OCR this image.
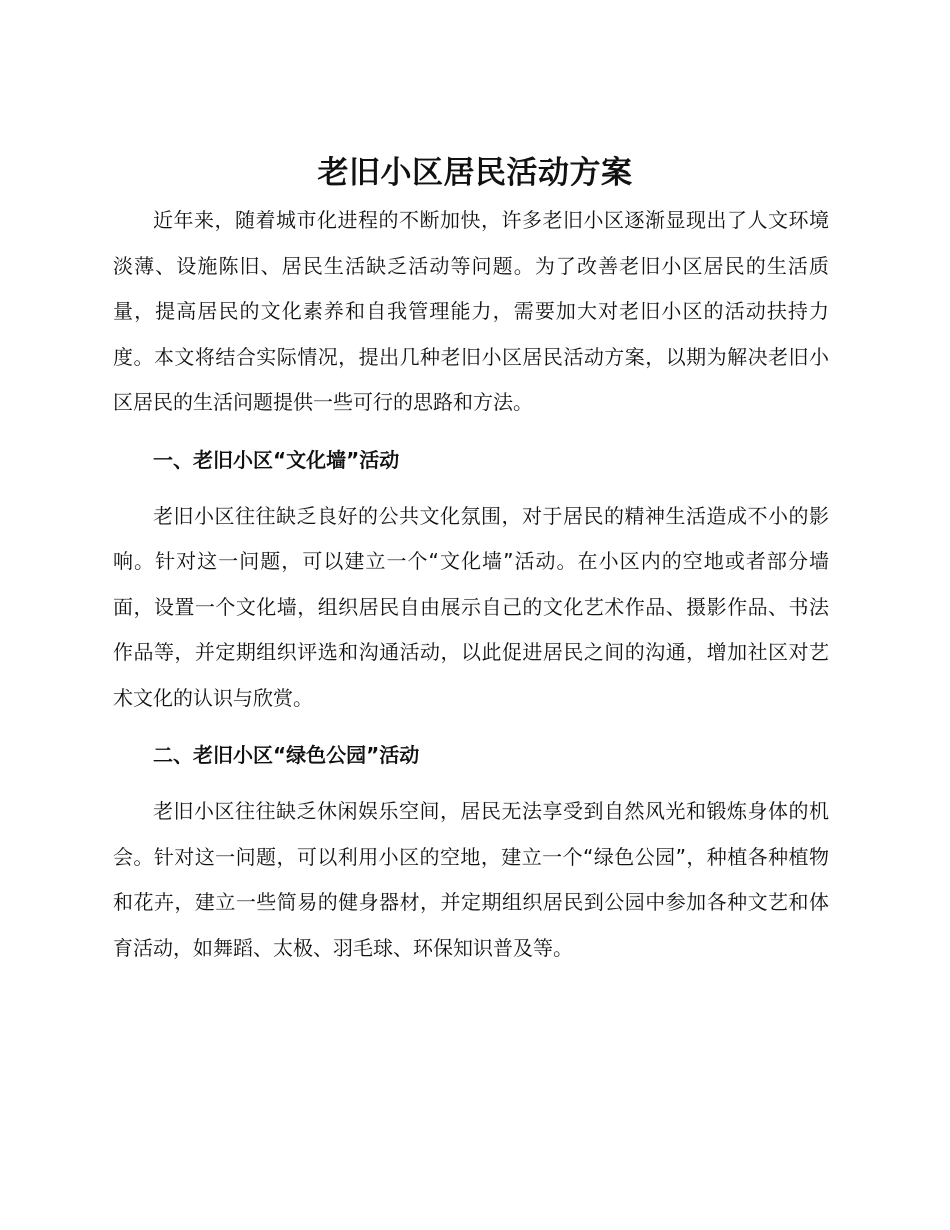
老旧小区居民活动方案

近年来，随着城市化进程的不断加快，许多老旧小区逐渐显现出了人文环境淡薄、设施陈旧、居民生活缺乏活动等问题。为了改善老旧小区居民的生活质量，提高居民的文化素养和自我管理能力，需要加大对老旧小区的活动扶持力度。本文将结合实际情况，提出几种老旧小区居民活动方案，以期为解决老旧小区居民的生活问题提供一些可行的思路和方法。

一、老旧小区“文化墙”活动

老旧小区往往缺乏良好的公共文化氛围，对于居民的精神生活造成不小的影响。针对这一问题，可以建立一个“文化墙”活动。在小区内的空地或者部分墙面，设置一个文化墙，组织居民自由展示自己的文化艺术作品、摄影作品、书法作品等，并定期组织评选和沟通活动，以此促进居民之间的沟通，增加社区对艺术文化的认识与欣赏。

二、老旧小区“绿色公园”活动

老旧小区往往缺乏休闲娱乐空间，居民无法享受到自然风光和锻炼身体的机会。针对这一问题，可以利用小区的空地，建立一个“绿色公园”，种植各种植物和花卉，建立一些简易的健身器材，并定期组织居民到公园中参加各种文艺和体育活动，如舞蹈、太极、羽毛球、环保知识普及等。
